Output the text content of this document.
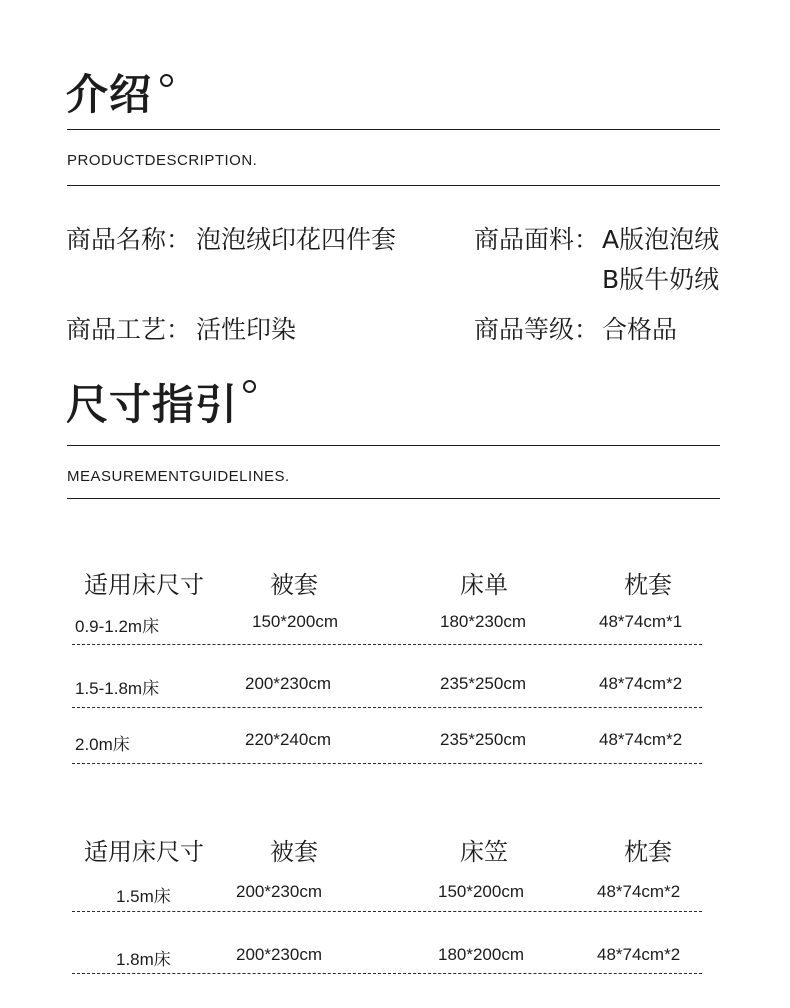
介绍
PRODUCTDESCRIPTION.
商品名称： 泡泡绒印花四件套	商品面料： A版泡泡绒
B版牛奶绒
商品工艺： 活性印染	商品等级： 合格品
尺寸指引
MEASUREMENTGUIDELINES.
适用床尺寸	被套	床单	枕套
0.9-1.2m床	150*200cm	180*230cm	48*74cm*1
1.5-1.8m床	200*230cm	235*250cm	48*74cm*2
2.0m床	220*240cm	235*250cm	48*74cm*2
适用床尺寸	被套	床笠	枕套
1.5m床	200*230cm	150*200cm	48*74cm*2
1.8m床	200*230cm	180*200cm	48*74cm*2
